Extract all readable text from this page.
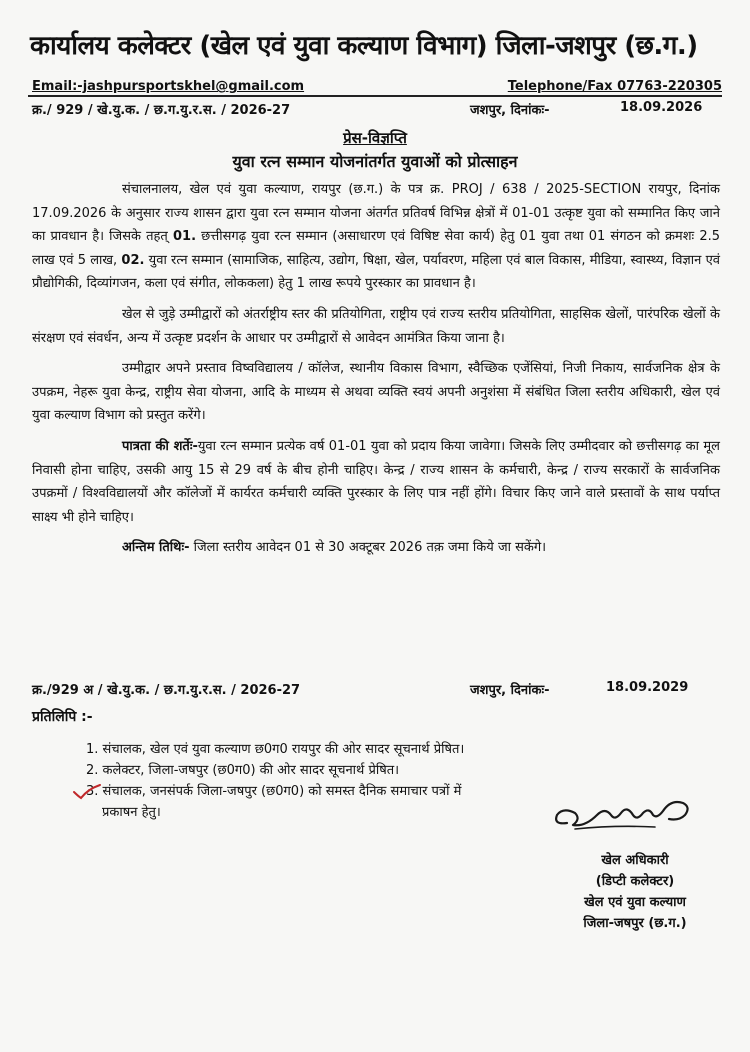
कार्यालय कलेक्टर (खेल एवं युवा कल्याण विभाग) जिला-जशपुर (छ.ग.)
Email:-jashpursportskhel@gmail.com	Telephone/Fax 07763-220305
क्र./ 929 / खे.यु.क. / छ.ग.यु.र.स. / 2026-27	जशपुर, दिनांकः-	18.09.2026
प्रेस-विज्ञप्ति
युवा रत्न सम्मान योजनांतर्गत युवाओं को प्रोत्साहन

संचालनालय, खेल एवं युवा कल्याण, रायपुर (छ.ग.) के पत्र क्र. PROJ / 638 / 2025-SECTION रायपुर, दिनांक 17.09.2026 के अनुसार राज्य शासन द्वारा युवा रत्न सम्मान योजना अंतर्गत प्रतिवर्ष विभिन्न क्षेत्रों में 01-01 उत्कृष्ट युवा को सम्मानित किए जाने का प्रावधान है। जिसके तहत् 01. छत्तीसगढ़ युवा रत्न सम्मान (असाधारण एवं विषिष्ट सेवा कार्य) हेतु 01 युवा तथा 01 संगठन को क्रमशः 2.5 लाख एवं 5 लाख, 02. युवा रत्न सम्मान (सामाजिक, साहित्य, उद्योग, षिक्षा, खेल, पर्यावरण, महिला एवं बाल विकास, मीडिया, स्वास्थ्य, विज्ञान एवं प्रौद्योगिकी, दिव्यांगजन, कला एवं संगीत, लोककला) हेतु 1 लाख रूपये पुरस्कार का प्रावधान है।

खेल से जुड़े उम्मीद्वारों को अंतर्राष्ट्रीय स्तर की प्रतियोगिता, राष्ट्रीय एवं राज्य स्तरीय प्रतियोगिता, साहसिक खेलों, पारंपरिक खेलों के संरक्षण एवं संवर्धन, अन्य में उत्कृष्ट प्रदर्शन के आधार पर उम्मीद्वारों से आवेदन आमंत्रित किया जाना है।

उम्मीद्वार अपने प्रस्ताव विष्वविद्यालय / कॉलेज, स्थानीय विकास विभाग, स्वैच्छिक एजेंसियां, निजी निकाय, सार्वजनिक क्षेत्र के उपक्रम, नेहरू युवा केन्द्र, राष्ट्रीय सेवा योजना, आदि के माध्यम से अथवा व्यक्ति स्वयं अपनी अनुशंसा में संबंधित जिला स्तरीय अधिकारी, खेल एवं युवा कल्याण विभाग को प्रस्तुत करेंगे।

पात्रता की शर्तेः-युवा रत्न सम्मान प्रत्येक वर्ष 01-01 युवा को प्रदाय किया जावेगा। जिसके लिए उम्मीदवार को छत्तीसगढ़ का मूल निवासी होना चाहिए, उसकी आयु 15 से 29 वर्ष के बीच होनी चाहिए। केन्द्र / राज्य शासन के कर्मचारी, केन्द्र / राज्य सरकारों के सार्वजनिक उपक्रमों / विश्वविद्यालयों और कॉलेजों में कार्यरत कर्मचारी व्यक्ति पुरस्कार के लिए पात्र नहीं होंगे। विचार किए जाने वाले प्रस्तावों के साथ पर्याप्त साक्ष्य भी होने चाहिए।

अन्तिम तिथिः- जिला स्तरीय आवेदन 01 से 30 अक्टूबर 2026 तक़ जमा किये जा सकेंगे।

क्र./929 अ / खे.यु.क. / छ.ग.यु.र.स. / 2026-27	जशपुर, दिनांकः-	18.09.2029
प्रतिलिपि :-
1. संचालक, खेल एवं युवा कल्याण छ0ग0 रायपुर की ओर सादर सूचनार्थ प्रेषित।
2. कलेक्टर, जिला-जषपुर (छ0ग0) की ओर सादर सूचनार्थ प्रेषित।
3. संचालक, जनसंपर्क जिला-जषपुर (छ0ग0) को समस्त दैनिक समाचार पत्रों में
प्रकाषन हेतु।
खेल अधिकारी
(डिप्टी कलेक्टर)
खेल एवं युवा कल्याण
जिला-जषपुर (छ.ग.)
